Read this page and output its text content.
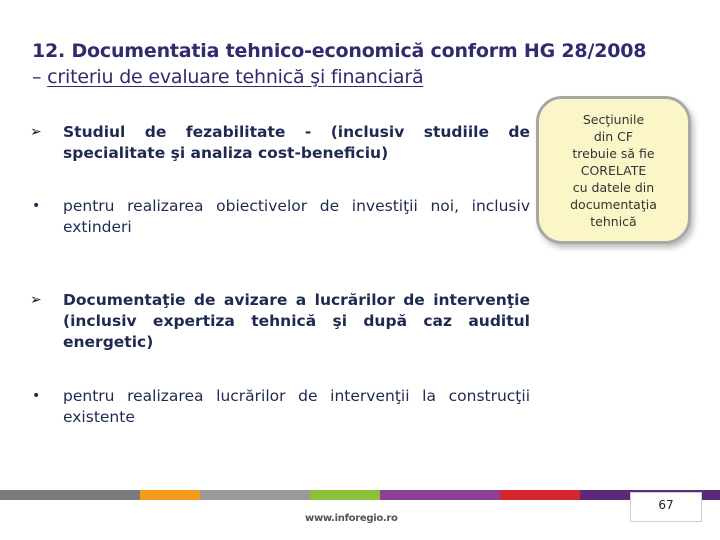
12. Documentatia tehnico-economică conform HG 28/2008
– criteriu de evaluare tehnică şi financiară
➢	Studiul de fezabilitate - (inclusiv studiile de specialitate şi analiza cost-beneficiu)
•	pentru realizarea obiectivelor de investiţii noi, inclusiv extinderi
➢	Documentaţie de avizare a lucrărilor de intervenţie (inclusiv expertiza tehnică şi după caz auditul energetic)
•	pentru realizarea lucrărilor de intervenţii la construcţii existente
Secţiunile
din CF
trebuie să fie
CORELATE
cu datele din
documentaţia
tehnică
67
www.inforegio.ro
